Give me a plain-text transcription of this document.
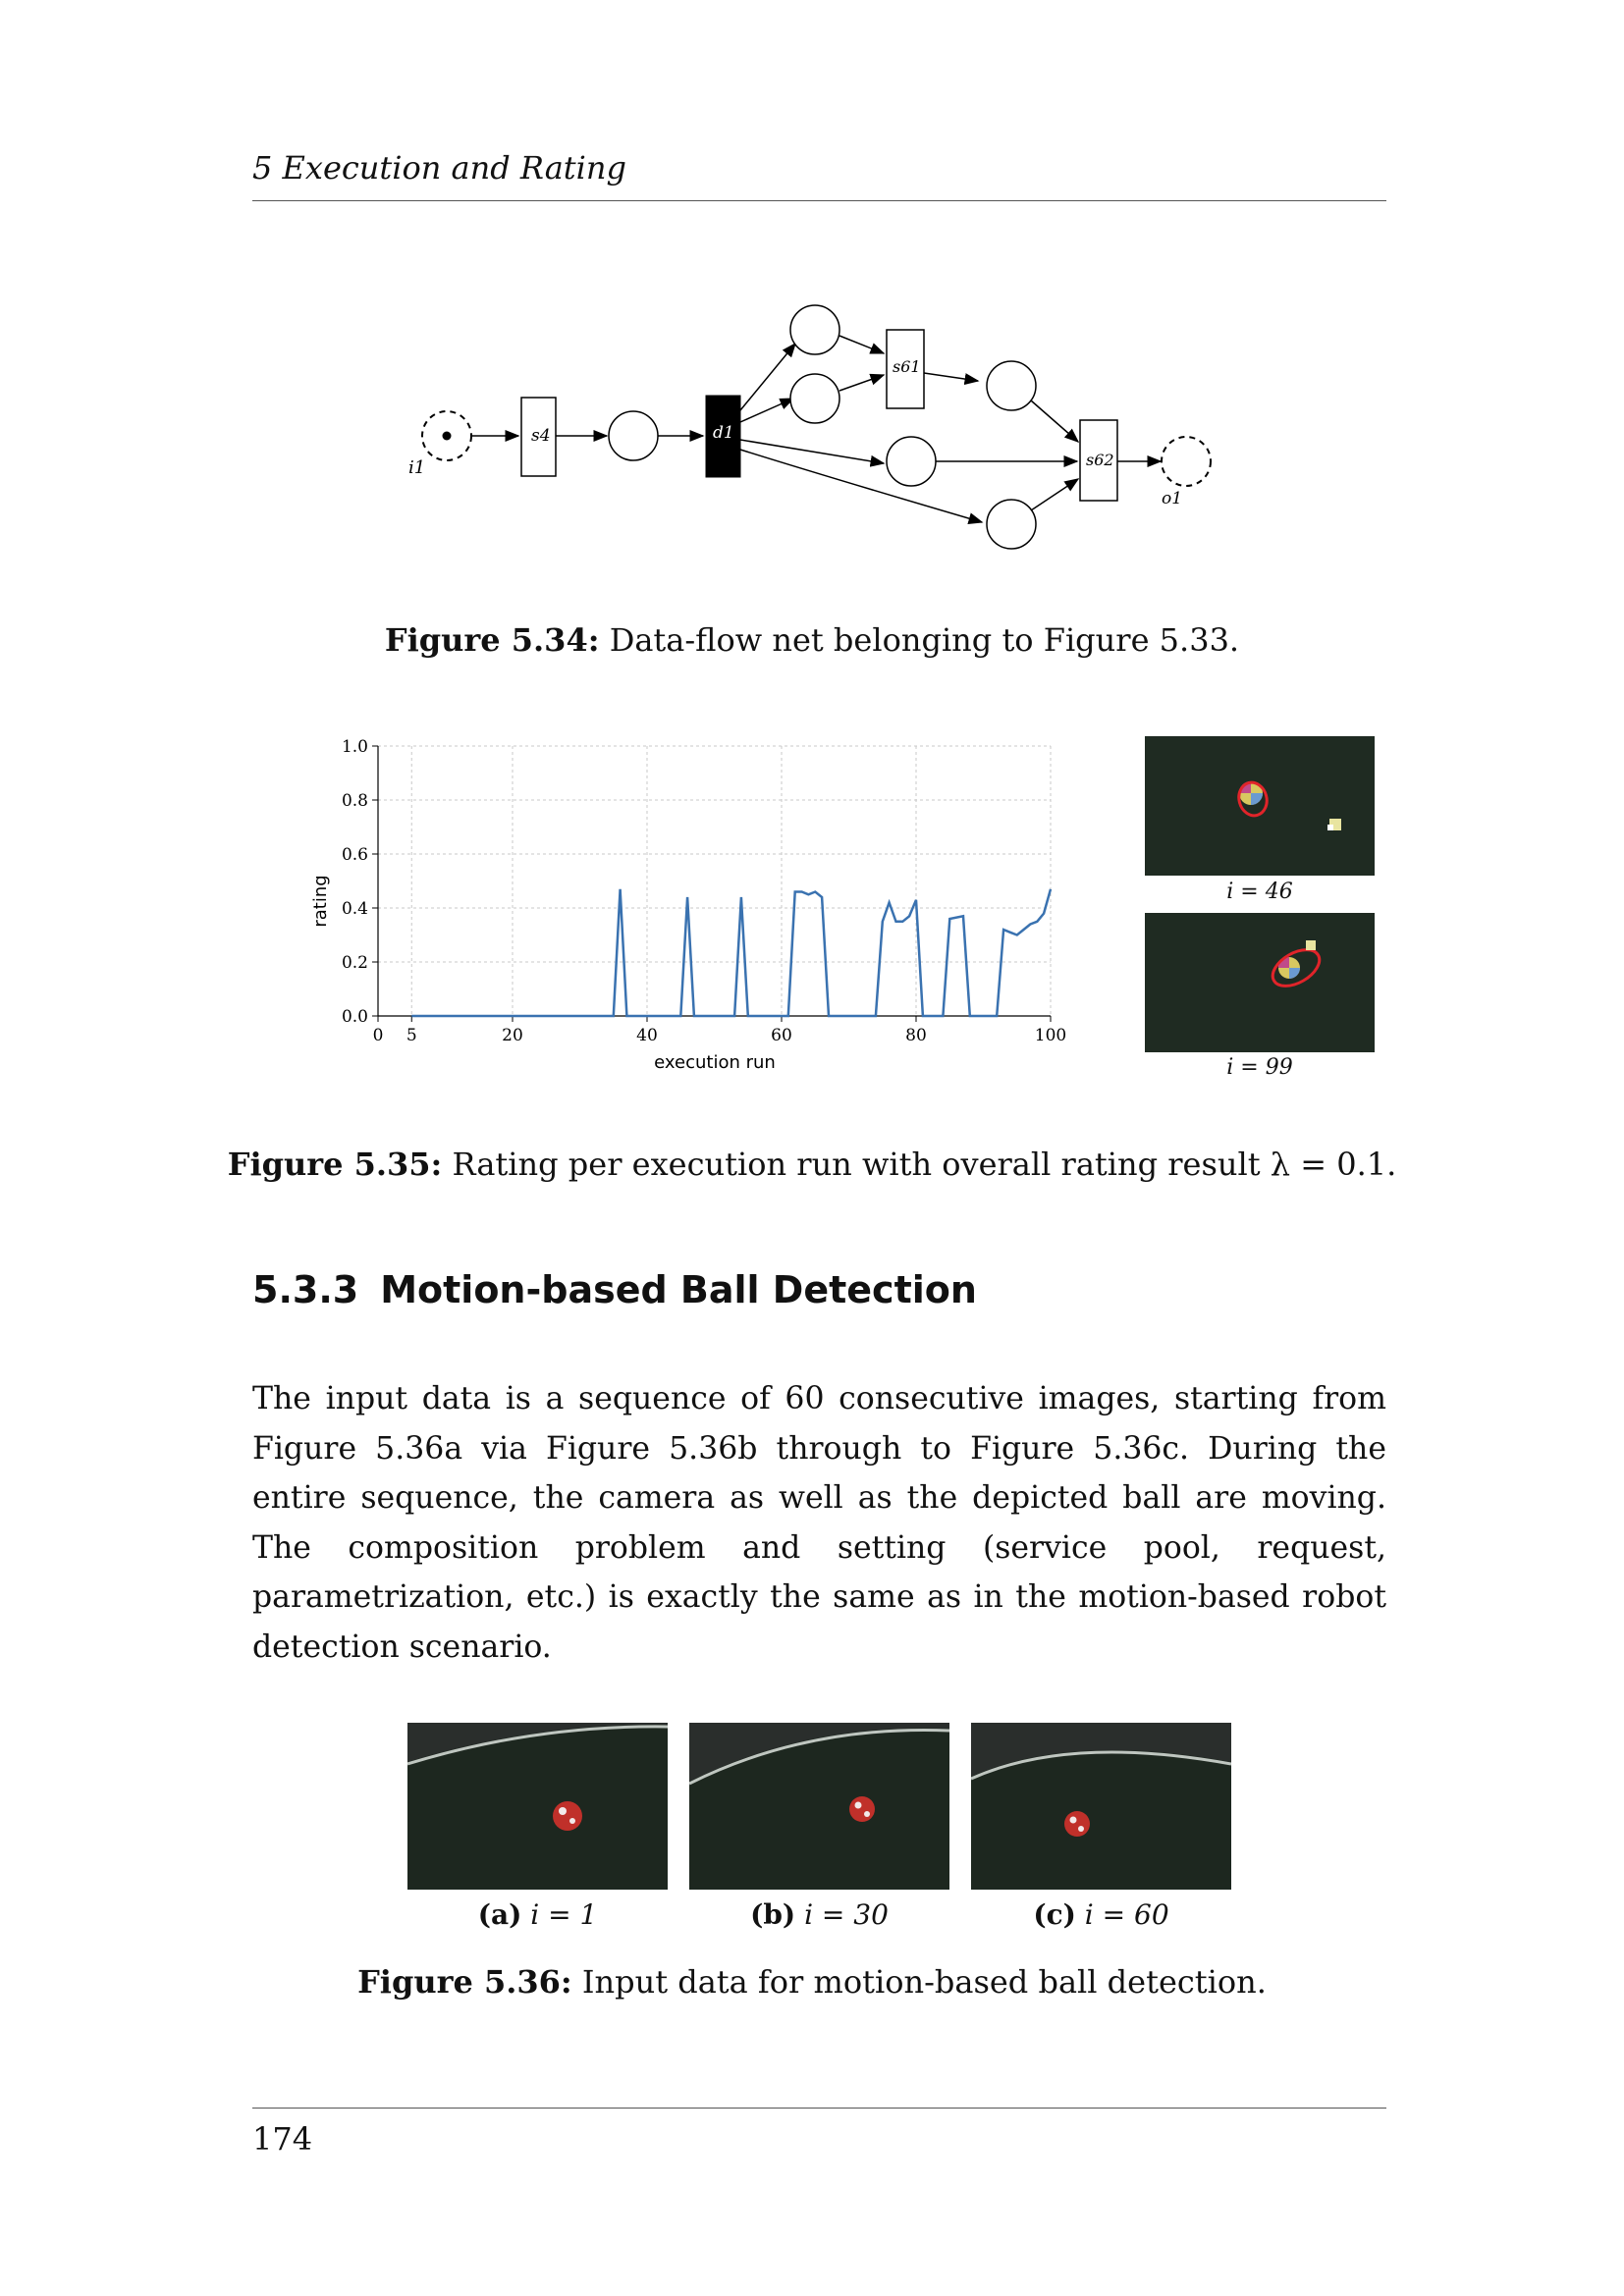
5 Execution and Rating
i1
s4	d1
s61
s62
o1
Figure 5.34: Data-flow net belonging to Figure 5.33.
0 5	20	40	60	80	100
0.0
0.2
0.4
0.6
0.8
1.0
rating
execution run
i = 46
i = 99
Figure 5.35: Rating per execution run with overall rating result λ = 0.1.
5.3.3 Motion-based Ball Detection
The input data is a sequence of 60 consecutive images, starting from Figure 5.36a via Figure 5.36b through to Figure 5.36c. During the entire sequence, the camera as well as the depicted ball are moving. The composition problem and setting (service pool, request, parametrization, etc.) is exactly the same as in the motion-based robot detection scenario.
(a) i = 1	(b) i = 30	(c) i = 60
Figure 5.36: Input data for motion-based ball detection.
174
